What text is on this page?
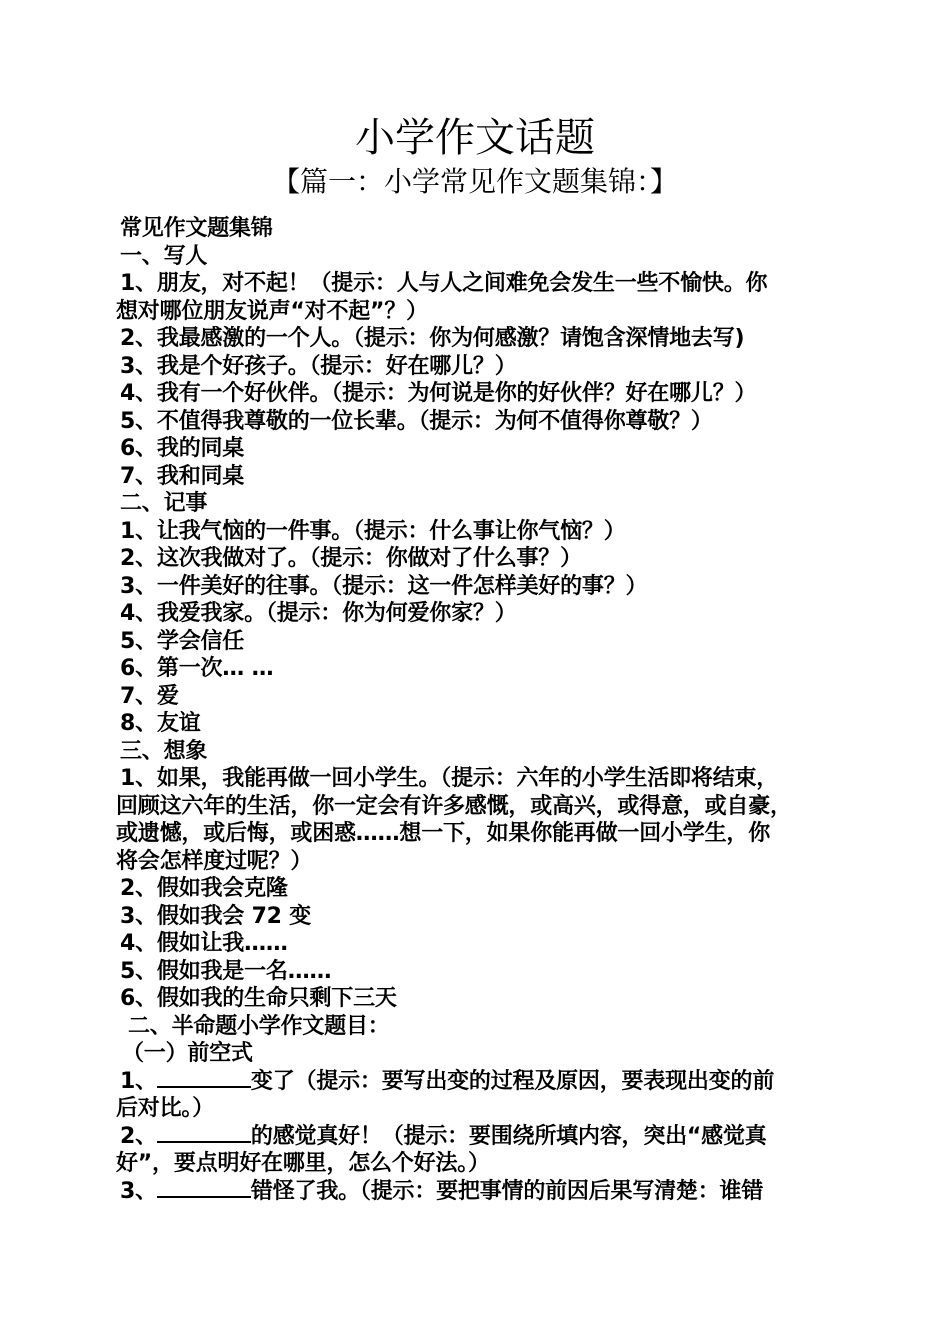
小学作文话题
【篇一：小学常见作文题集锦：】
常见作文题集锦
一、写人
1、朋友，对不起！（提示：人与人之间难免会发生一些不愉快。你
想对哪位朋友说声“对不起”？）
2、我最感激的一个人。（提示：你为何感激？请饱含深情地去写)
3、我是个好孩子。（提示：好在哪儿？）
4、我有一个好伙伴。（提示：为何说是你的好伙伴？好在哪儿？）
5、不值得我尊敬的一位长辈。（提示：为何不值得你尊敬？）
6、我的同桌
7、我和同桌
二、记事
1、让我气恼的一件事。（提示：什么事让你气恼？）
2、这次我做对了。（提示：你做对了什么事？）
3、一件美好的往事。（提示：这一件怎样美好的事？）
4、我爱我家。（提示：你为何爱你家？）
5、学会信任
6、第一次… …
7、爱
8、友谊
三、想象
1、如果，我能再做一回小学生。（提示：六年的小学生活即将结束，
回顾这六年的生活，你一定会有许多感慨，或高兴，或得意，或自豪，
或遗憾，或后悔，或困惑……想一下，如果你能再做一回小学生，你
将会怎样度过呢？）
2、假如我会克隆
3、假如我会 72 变
4、假如让我……
5、假如我是一名……
6、假如我的生命只剩下三天
二、半命题小学作文题目：
（一）前空式
1、	变了（提示：要写出变的过程及原因，要表现出变的前
后对比。）
2、	的感觉真好！（提示：要围绕所填内容，突出“感觉真
好”，要点明好在哪里，怎么个好法。）
3、	错怪了我。（提示：要把事情的前因后果写清楚：谁错
